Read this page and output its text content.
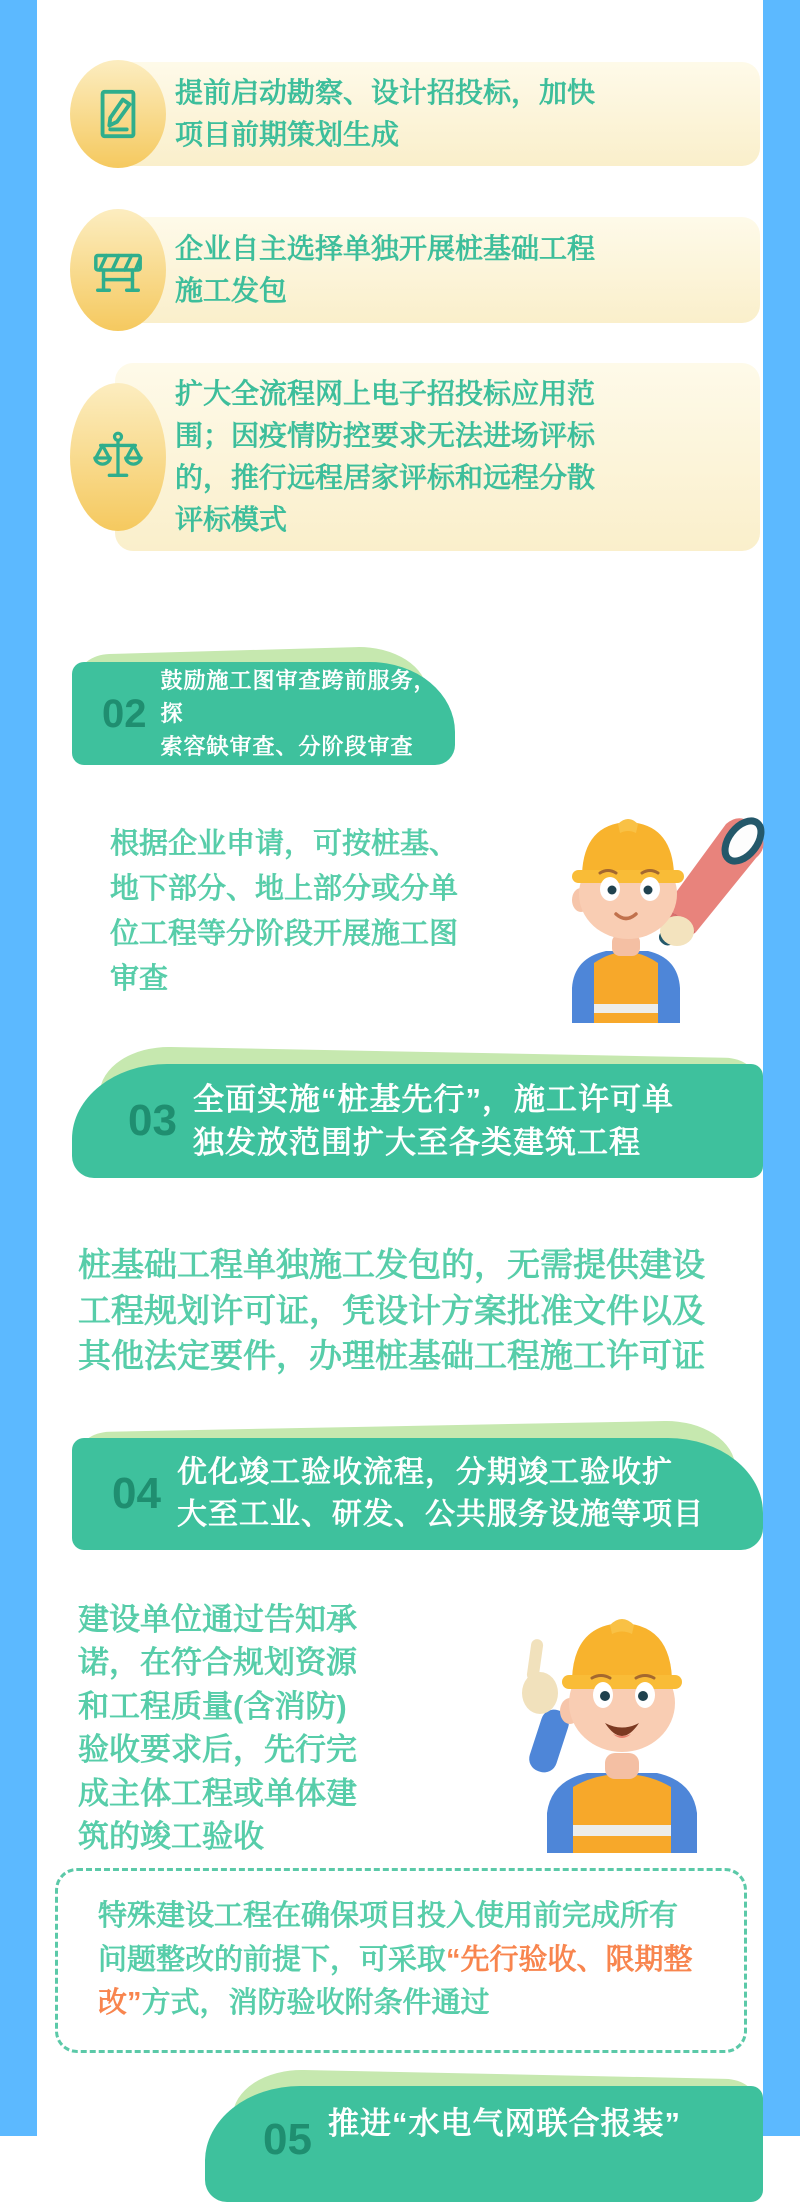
提前启动勘察、设计招投标，加快项目前期策划生成

企业自主选择单独开展桩基础工程施工发包

扩大全流程网上电子招投标应用范围；因疫情防控要求无法进场评标的，推行远程居家评标和远程分散评标模式

02
鼓励施工图审查跨前服务，探
索容缺审查、分阶段审查

根据企业申请，可按桩基、地下部分、地上部分或分单位工程等分阶段开展施工图审查

03 全面实施“桩基先行”，施工许可单
独发放范围扩大至各类建筑工程

桩基础工程单独施工发包的，无需提供建设工程规划许可证，凭设计方案批准文件以及其他法定要件，办理桩基础工程施工许可证

04 优化竣工验收流程，分期竣工验收扩
大至工业、研发、公共服务设施等项目

建设单位通过告知承诺，在符合规划资源和工程质量(含消防)验收要求后，先行完成主体工程或单体建筑的竣工验收

特殊建设工程在确保项目投入使用前完成所有问题整改的前提下，可采取“先行验收、限期整改”方式，消防验收附条件通过

05 推进“水电气网联合报装”
